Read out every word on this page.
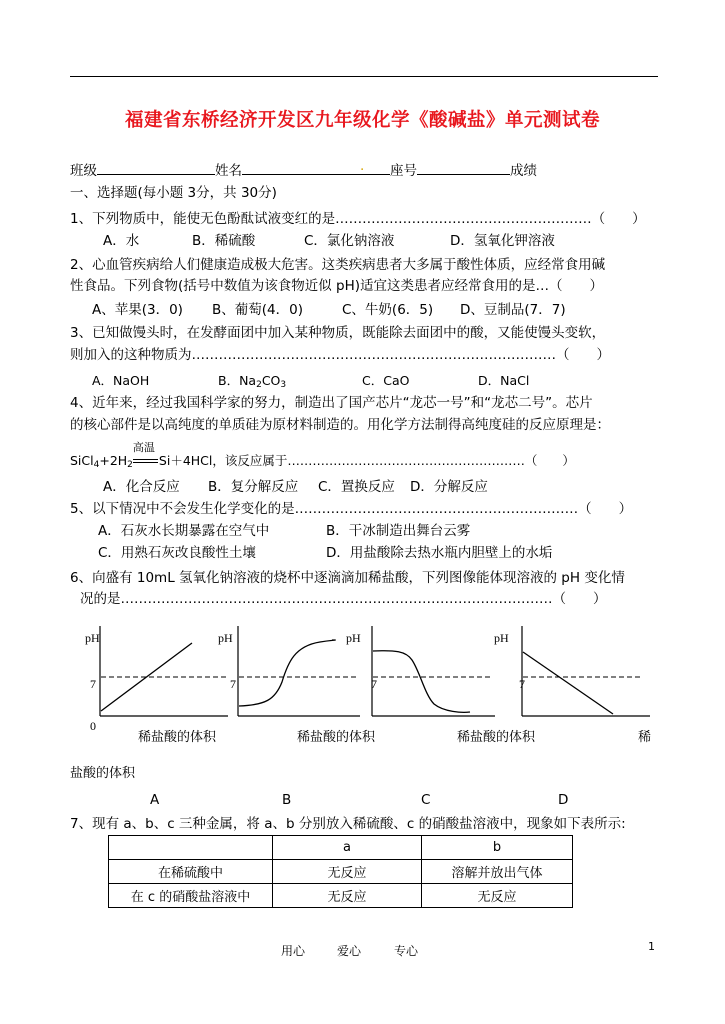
福建省东桥经济开发区九年级化学《酸碱盐》单元测试卷
班级	姓名	. 座号	成绩
一、选择题(每小题 3分，共 30分)
1、下列物质中，能使无色酚酞试液变红的是…………………………………………………（　　）
A．水	B．稀硫酸	C．氯化钠溶液	D．氢氧化钾溶液
2、心血管疾病给人们健康造成极大危害。这类疾病患者大多属于酸性体质，应经常食用碱
性食品。下列食物(括号中数值为该食物近似 pH)适宜这类患者应经常食用的是…（　　）
A、苹果(3．0) B、葡萄(4．0)	C、牛奶(6．5) D、豆制品(7．7)
3、已知做馒头时，在发酵面团中加入某种物质，既能除去面团中的酸，又能使馒头变软，
则加入的这种物质为………………………………………………………………………（　　）
A．NaOH	B．$Na_2CO_3$	C．CaO	D．NaCl
4、近年来，经过我国科学家的努力，制造出了国产芯片“龙芯一号”和“龙芯二号”。芯片
的核心部件是以高纯度的单质硅为原材料制造的。用化学方法制得高纯度硅的反应原理是：
$SiCl_4+2H_2$
高温
Si＋4HCl，该反应属于…………………………………………………（　　）
A．化合反应 B．复分解反应 C．置换反应 D．分解反应
5、以下情况中不会发生化学变化的是………………………………………………………（　　）
A．石灰水长期暴露在空气中	B．干冰制造出舞台云雾
C．用熟石灰改良酸性土壤	D．用盐酸除去热水瓶内胆壁上的水垢
6、向盛有 10mL 氢氧化钠溶液的烧杯中逐滴滴加稀盐酸，下列图像能体现溶液的 pH 变化情
况的是……………………………………………………………………………………（　　）
pH
7
0
pH
7
pH
7
pH
7
稀盐酸的体积	稀盐酸的体积	稀盐酸的体积	稀
盐酸的体积
A	B	C	D
7、现有 a、b、c 三种金属，将 a、b 分别放入稀硫酸、c 的硝酸盐溶液中，现象如下表所示:
	a	b
在稀硫酸中	无反应	溶解并放出气体
在 c 的硝酸盐溶液中	无反应	无反应
用心	爱心	专心	1
